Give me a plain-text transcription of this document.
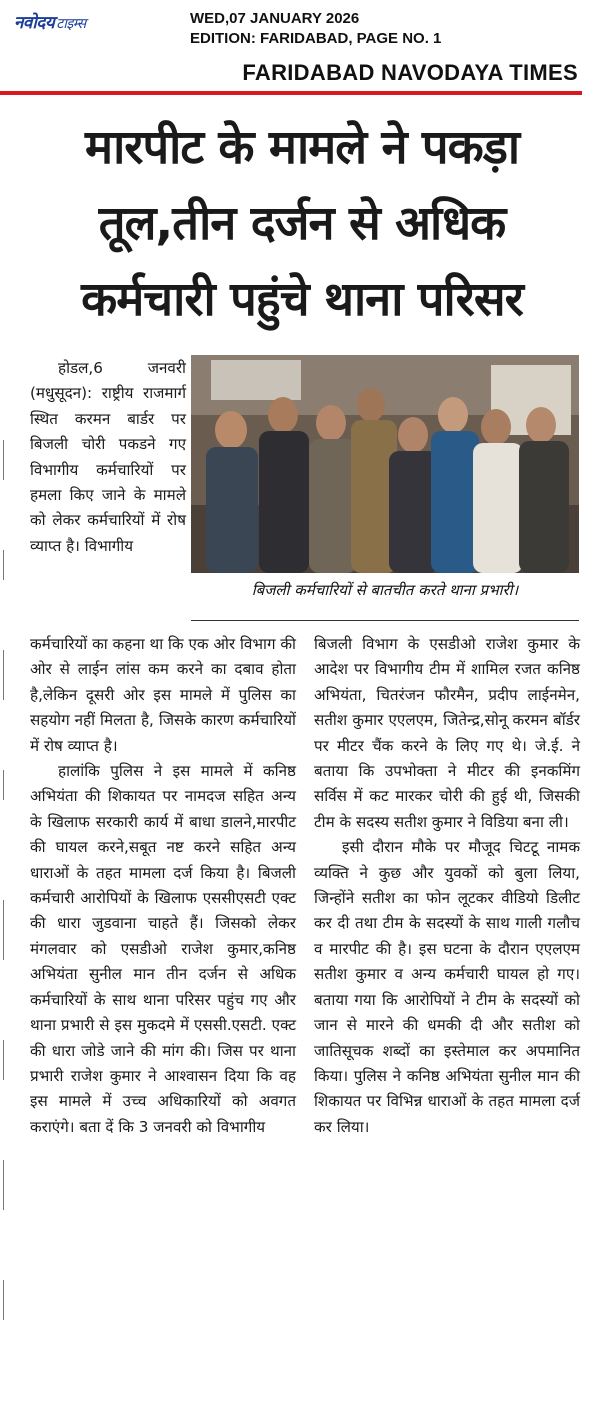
नवोदय टाइम्स	WED,07 JANUARY 2026
EDITION: FARIDABAD, PAGE NO. 1
FARIDABAD NAVODAYA TIMES
मारपीट के मामले ने पकड़ा
तूल,तीन दर्जन से अधिक
कर्मचारी पहुंचे थाना परिसर
बिजली कर्मचारियों से बातचीत करते थाना प्रभारी।

होडल,6 जनवरी (मधुसूदन): राष्ट्रीय राजमार्ग स्थित करमन बार्डर पर बिजली चोरी पकडने गए विभागीय कर्मचारियों पर हमला किए जाने के मामले को लेकर कर्मचारियों में रोष व्याप्त है। विभागीय

कर्मचारियों का कहना था कि एक ओर विभाग की ओर से लाईन लांस कम करने का दबाव होता है,लेकिन दूसरी ओर इस मामले में पुलिस का सहयोग नहीं मिलता है, जिसके कारण कर्मचारियों में रोष व्याप्त है।

हालांकि पुलिस ने इस मामले में कनिष्ठ अभियंता की शिकायत पर नामदज सहित अन्य के खिलाफ सरकारी कार्य में बाधा डालने,मारपीट की घायल करने,सबूत नष्ट करने सहित अन्य धाराओं के तहत मामला दर्ज किया है। बिजली कर्मचारी आरोपियों के खिलाफ एससीएसटी एक्ट की धारा जुडवाना चाहते हैं। जिसको लेकर मंगलवार को एसडीओ राजेश कुमार,कनिष्ठ अभियंता सुनील मान तीन दर्जन से अधिक कर्मचारियों के साथ थाना परिसर पहुंच गए और थाना प्रभारी से इस मुकदमे में एससी.एसटी. एक्ट की धारा जोडे जाने की मांग की। जिस पर थाना प्रभारी राजेश कुमार ने आश्वासन दिया कि वह इस मामले में उच्च अधिकारियों को अवगत कराएंगे। बता दें कि 3 जनवरी को विभागीय

बिजली विभाग के एसडीओ राजेश कुमार के आदेश पर विभागीय टीम में शामिल रजत कनिष्ठ अभियंता, चितरंजन फौरमैन, प्रदीप लाईनमेन, सतीश कुमार एएलएम, जितेन्द्र,सोनू करमन बॉर्डर पर मीटर चैंक करने के लिए गए थे। जे.ई. ने बताया कि उपभोक्ता ने मीटर की इनकमिंग सर्विस में कट मारकर चोरी की हुई थी, जिसकी टीम के सदस्य सतीश कुमार ने विडिया बना ली।

इसी दौरान मौके पर मौजूद चिटटू नामक व्यक्ति ने कुछ और युवकों को बुला लिया, जिन्होंने सतीश का फोन लूटकर वीडियो डिलीट कर दी तथा टीम के सदस्यों के साथ गाली गलौच व मारपीट की है। इस घटना के दौरान एएलएम सतीश कुमार व अन्य कर्मचारी घायल हो गए। बताया गया कि आरोपियों ने टीम के सदस्यों को जान से मारने की धमकी दी और सतीश को जातिसूचक शब्दों का इस्तेमाल कर अपमानित किया। पुलिस ने कनिष्ठ अभियंता सुनील मान की शिकायत पर विभिन्न धाराओं के तहत मामला दर्ज कर लिया।
